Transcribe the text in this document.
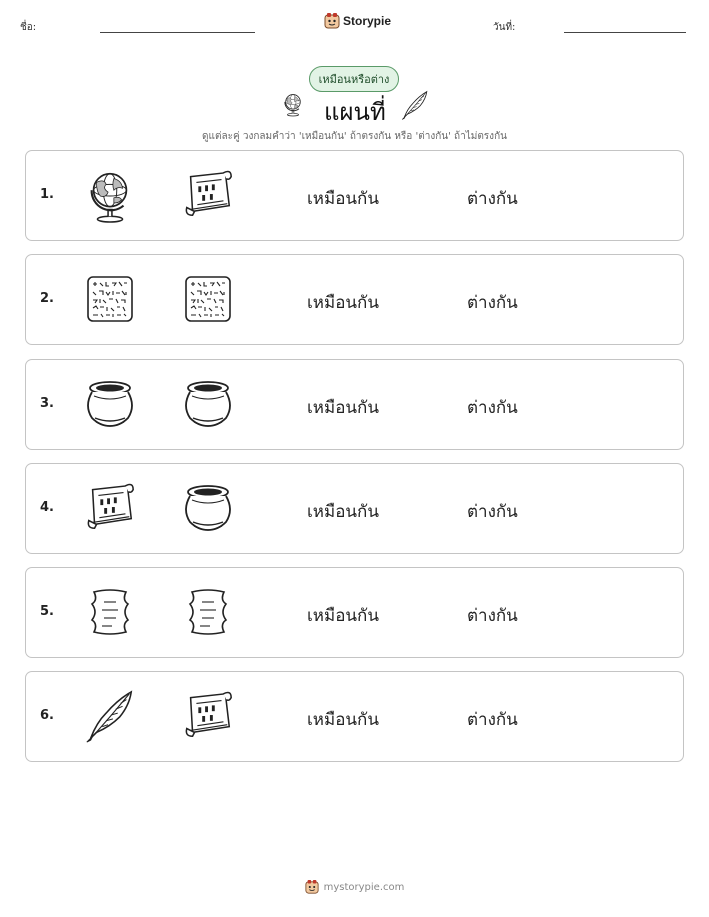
ชื่อ:	Storypie	วันที่:
เหมือนหรือต่าง
แผนที่
ดูแต่ละคู่ วงกลมคำว่า 'เหมือนกัน' ถ้าตรงกัน หรือ 'ต่างกัน' ถ้าไม่ตรงกัน
1.	เหมือนกัน	ต่างกัน
2.	เหมือนกัน	ต่างกัน
3.	เหมือนกัน	ต่างกัน
4.	เหมือนกัน	ต่างกัน
5.	เหมือนกัน	ต่างกัน
6.	เหมือนกัน	ต่างกัน
mystorypie.com
